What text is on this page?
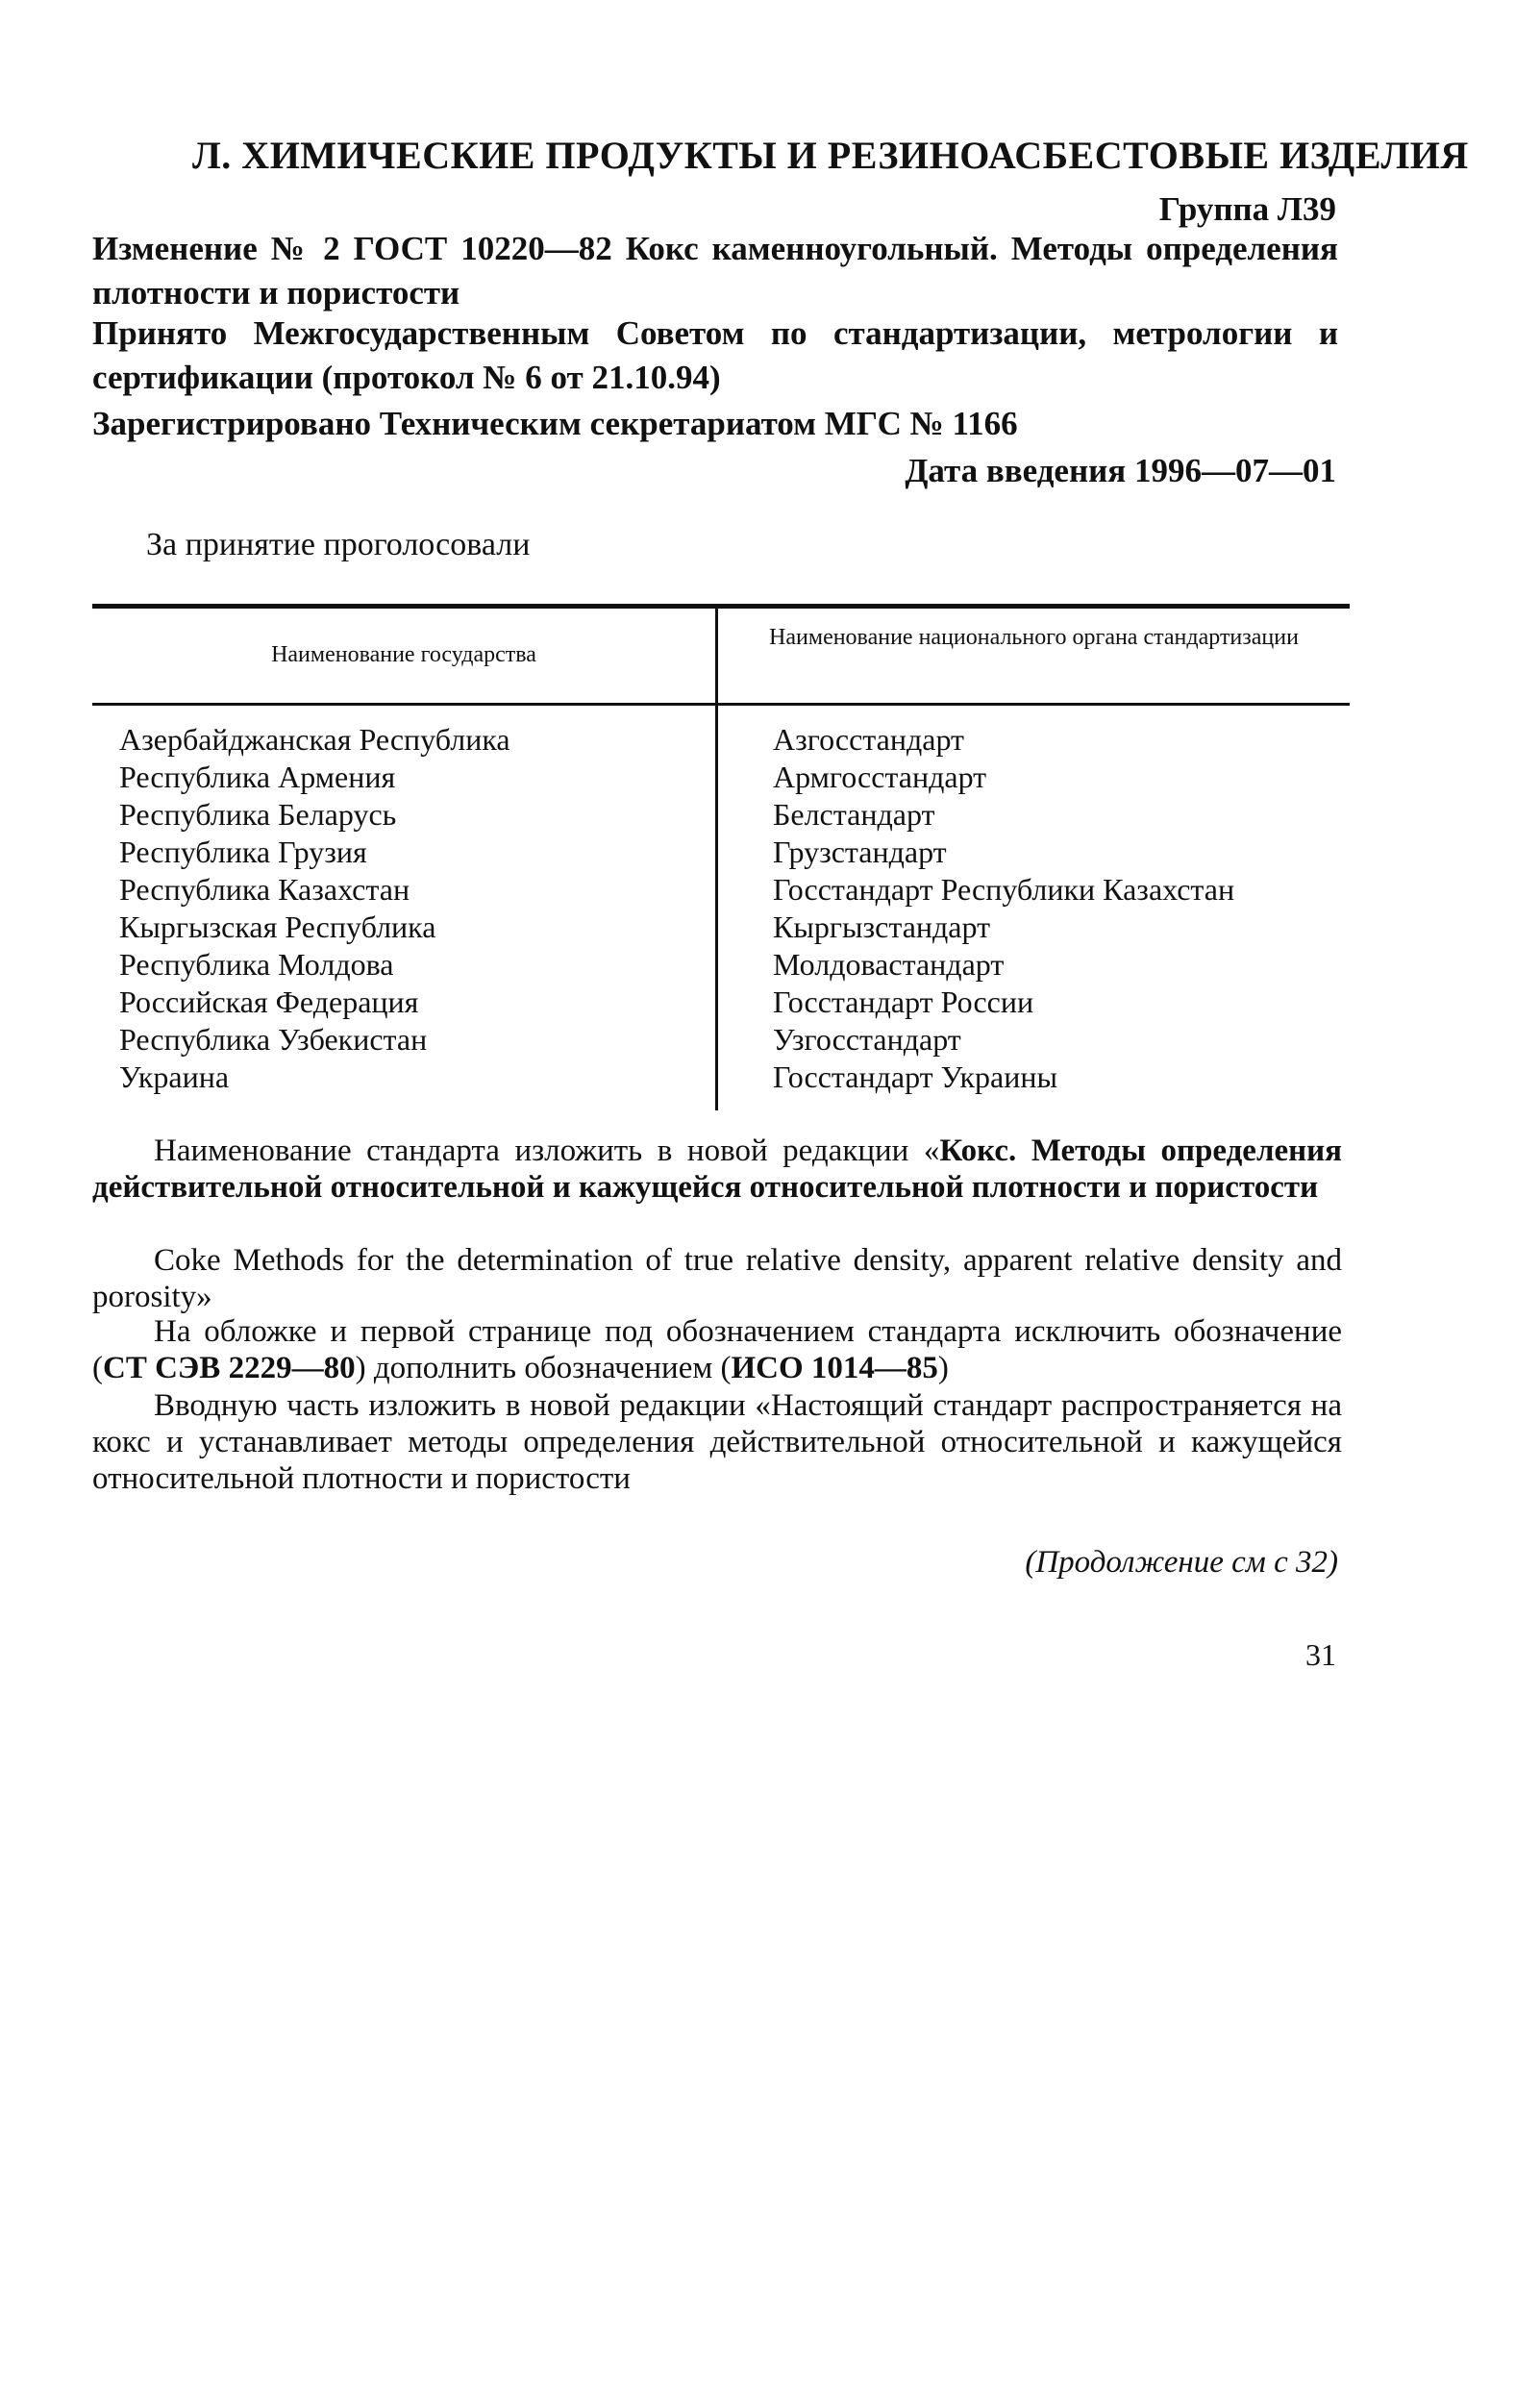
Л. ХИМИЧЕСКИЕ ПРОДУКТЫ И РЕЗИНОАСБЕСТОВЫЕ ИЗДЕЛИЯ
Группа Л39
Изменение № 2 ГОСТ 10220—82 Кокс каменноугольный. Методы определения плотности и пористости
Принято Межгосударственным Советом по стандартизации, метрологии и сертификации (протокол № 6 от 21.10.94)
Зарегистрировано Техническим секретариатом МГС № 1166
Дата введения 1996—07—01
За принятие проголосовали
Наименование государства
Наименование национального органа стандартизации
Азербайджанская Республика
Республика Армения
Республика Беларусь
Республика Грузия
Республика Казахстан
Кыргызская Республика
Республика Молдова
Российская Федерация
Республика Узбекистан
Украина
Азгосстандарт
Армгосстандарт
Белстандарт
Грузстандарт
Госстандарт Республики Казахстан
Кыргызстандарт
Молдовастандарт
Госстандарт России
Узгосстандарт
Госстандарт Украины
Наименование стандарта изложить в новой редакции «Кокс. Методы определения действительной относительной и кажущейся относительной плотности и пористости
Coke Methods for the determination of true relative density, apparent relative density and porosity»
На обложке и первой странице под обозначением стандарта исключить обозначение (СТ СЭВ 2229—80) дополнить обозначением (ИСО 1014—85)
Вводную часть изложить в новой редакции «Настоящий стандарт распространяется на кокс и устанавливает методы определения действительной относительной и кажущейся относительной плотности и пористости
(Продолжение см с 32)
31
